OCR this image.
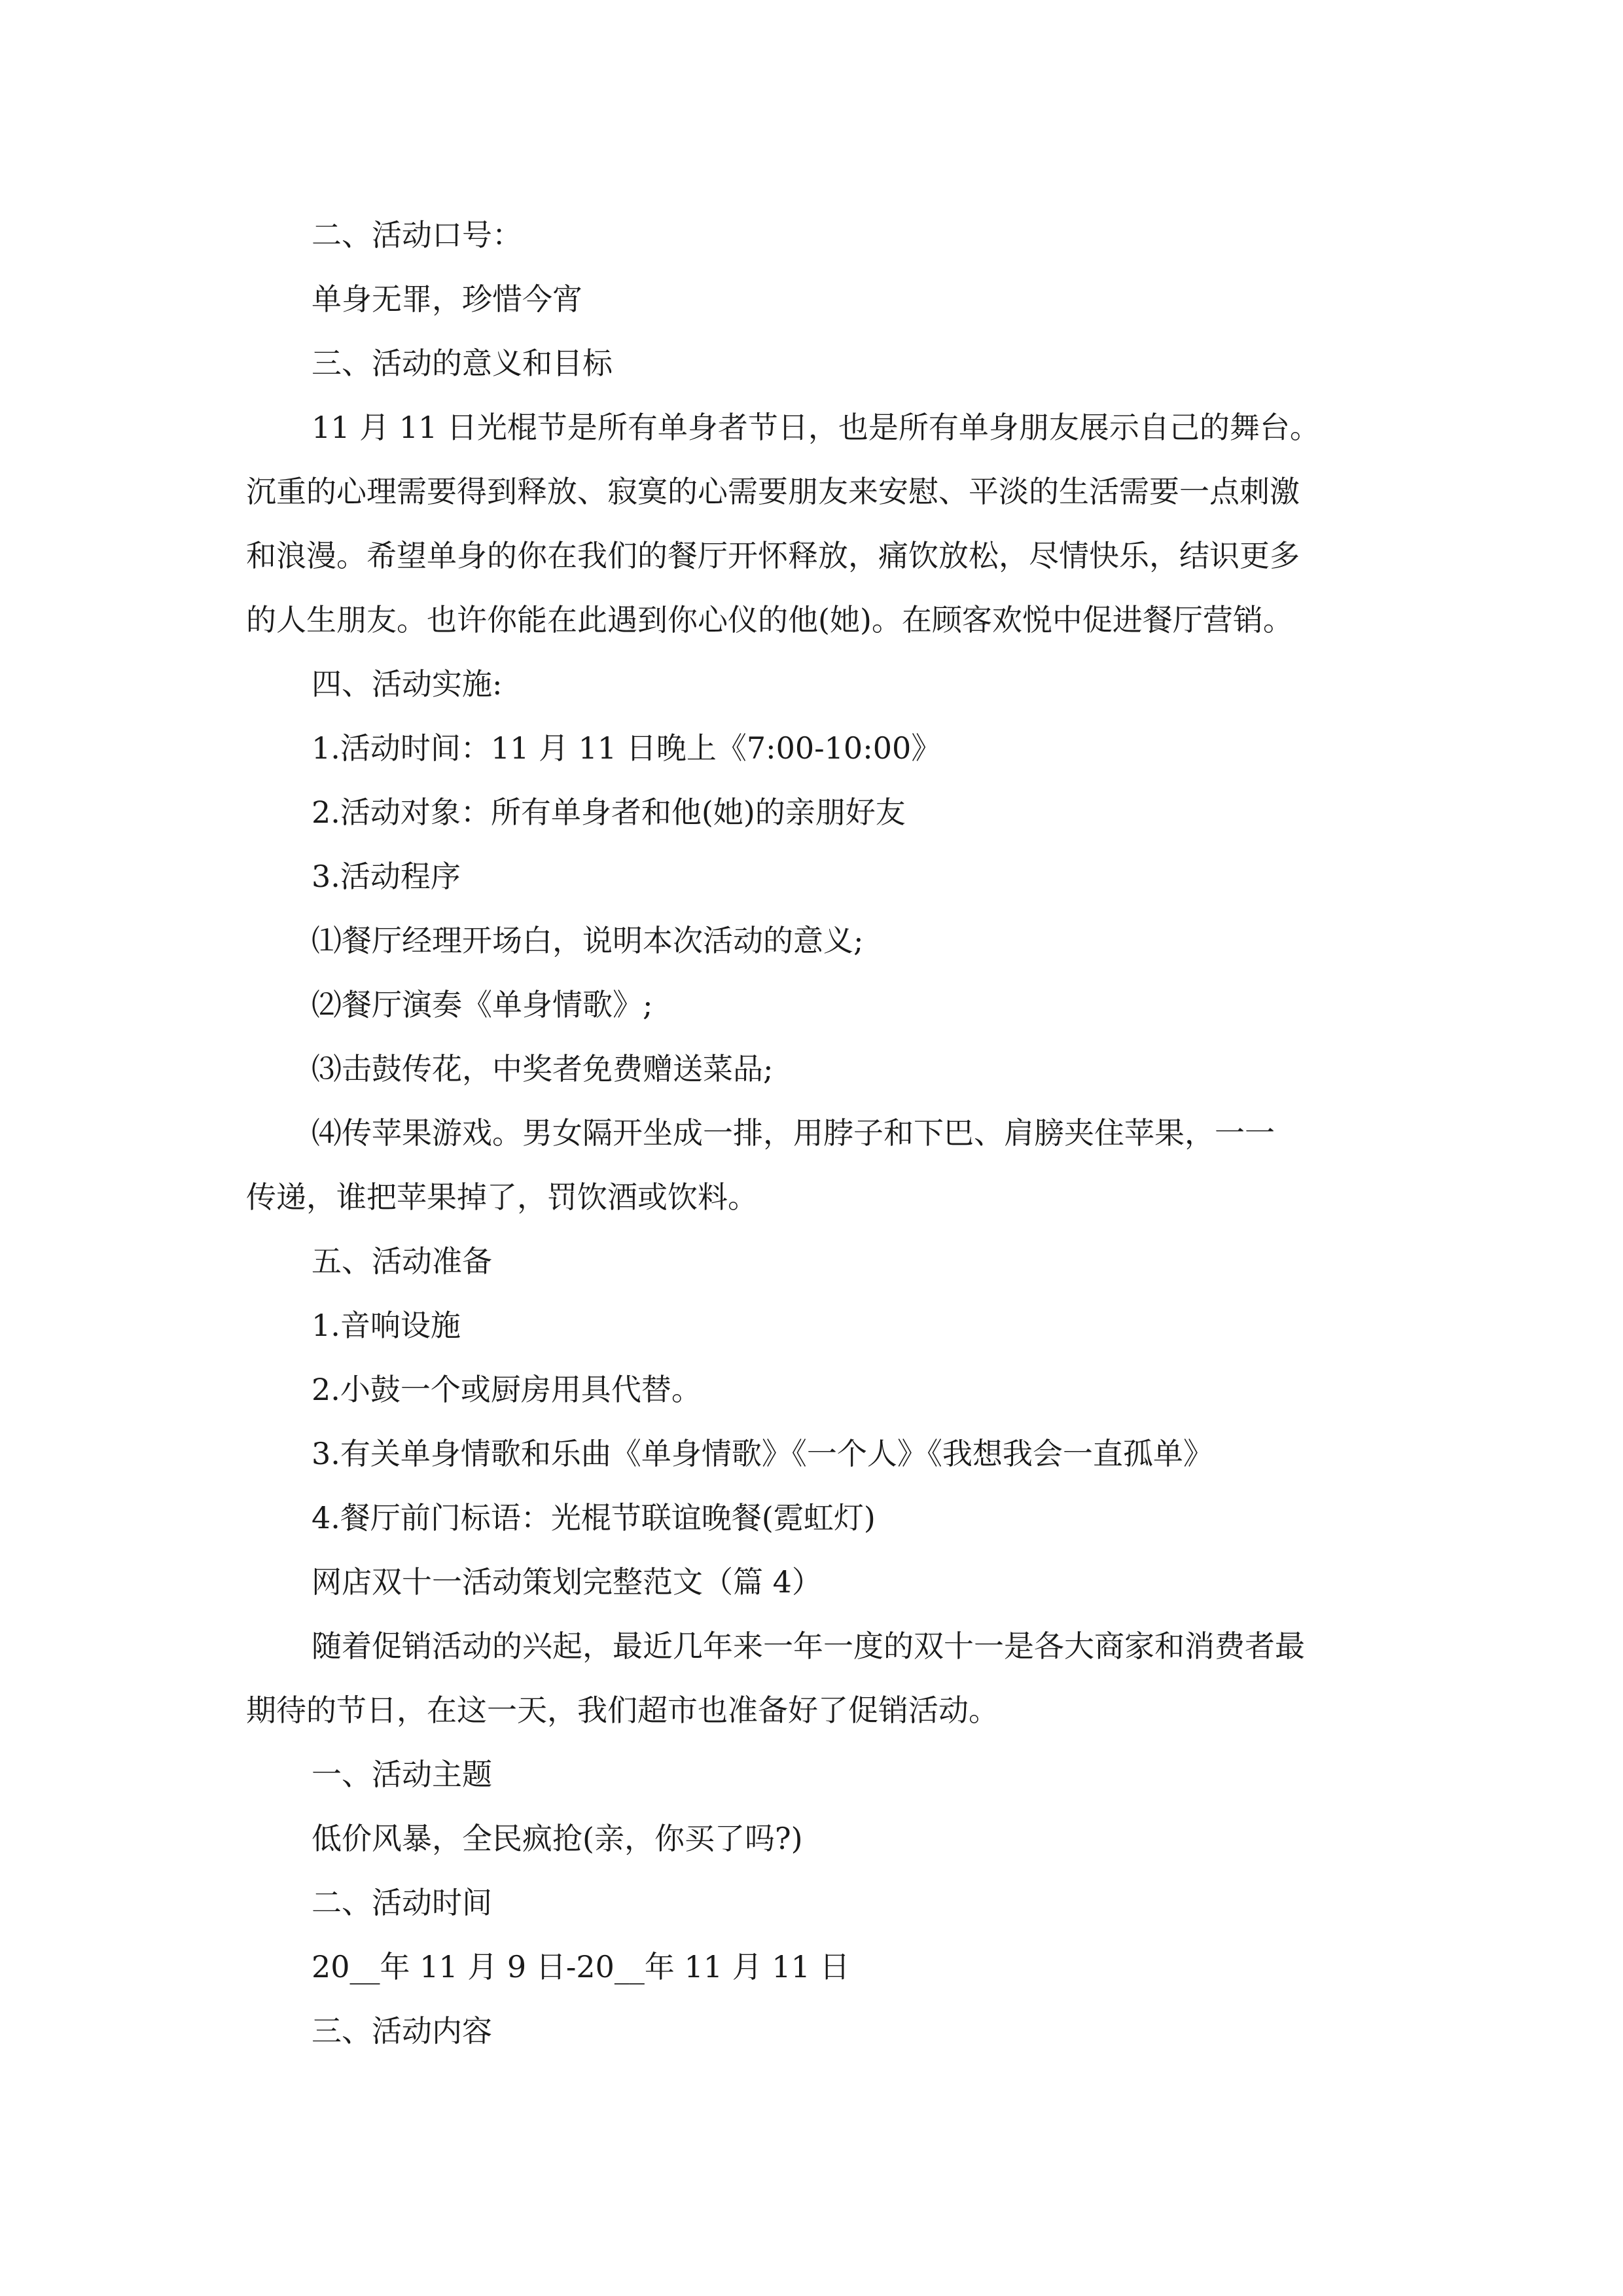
二、活动口号：

单身无罪，珍惜今宵

三、活动的意义和目标

11 月 11 日光棍节是所有单身者节日，也是所有单身朋友展示自己的舞台。

沉重的心理需要得到释放、寂寞的心需要朋友来安慰、平淡的生活需要一点刺激

和浪漫。希望单身的你在我们的餐厅开怀释放，痛饮放松，尽情快乐，结识更多

的人生朋友。也许你能在此遇到你心仪的他(她)。在顾客欢悦中促进餐厅营销。

四、活动实施:

1.活动时间：11 月 11 日晚上《7:00-10:00》

2.活动对象：所有单身者和他(她)的亲朋好友

3.活动程序

⑴餐厅经理开场白，说明本次活动的意义;

⑵餐厅演奏《单身情歌》;

⑶击鼓传花，中奖者免费赠送菜品;

⑷传苹果游戏。男女隔开坐成一排，用脖子和下巴、肩膀夹住苹果，一一

传递，谁把苹果掉了，罚饮酒或饮料。

五、活动准备

1.音响设施

2.小鼓一个或厨房用具代替。

3.有关单身情歌和乐曲《单身情歌》《一个人》《我想我会一直孤单》

4.餐厅前门标语：光棍节联谊晚餐(霓虹灯)

网店双十一活动策划完整范文（篇 4）

随着促销活动的兴起，最近几年来一年一度的双十一是各大商家和消费者最

期待的节日，在这一天，我们超市也准备好了促销活动。

一、活动主题

低价风暴，全民疯抢(亲，你买了吗?)

二、活动时间

20__年 11 月 9 日-20__年 11 月 11 日

三、活动内容
